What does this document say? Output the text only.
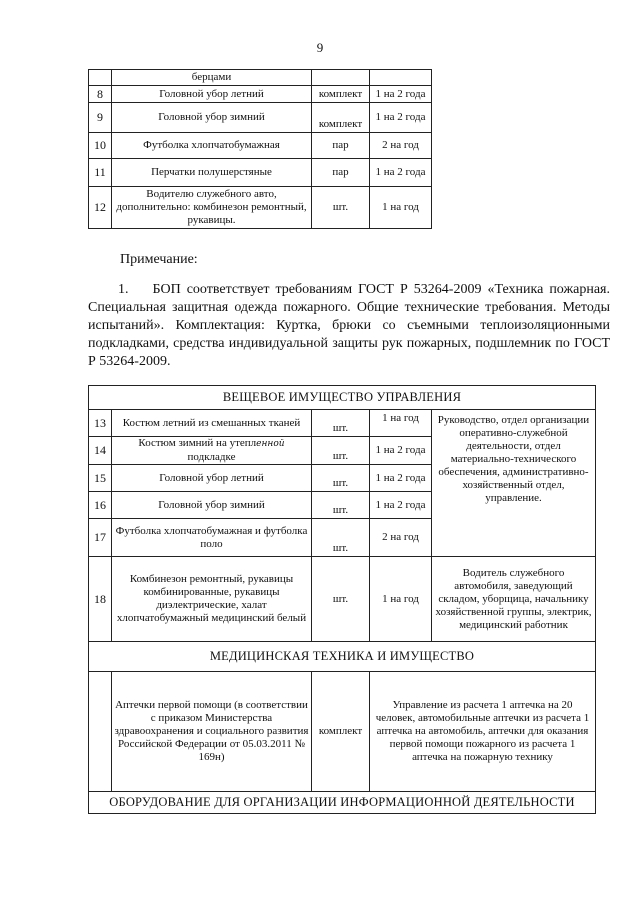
9
	берцами		
8	Головной убор летний	комплект	1 на 2 года
9	Головной убор зимний	комплект	1 на 2 года
10	Футболка хлопчатобумажная	пар	2 на год
11	Перчатки полушерстяные	пар	1 на 2 года
12	Водителю служебного авто, дополнительно: комбинезон ремонтный, рукавицы.	шт.	1 на год
Примечание:
1.    БОП соответствует требованиям ГОСТ Р 53264-2009 «Техника пожарная. Специальная защитная одежда пожарного. Общие технические требования. Методы испытаний». Комплектация: Куртка, брюки со съемными теплоизоляционными подкладками, средства индивидуальной защиты рук пожарных, подшлемник по ГОСТ Р 53264-2009.
ВЕЩЕВОЕ ИМУЩЕСТВО УПРАВЛЕНИЯ				
13	Костюм летний из смешанных тканей	шт.	1 на год	Руководство, отдел организации оперативно-служебной деятельности, отдел материально-технического обеспечения, административно-хозяйственный отдел, управление.
14	Костюм зимний на утепленной
подкладке	шт.	1 на 2 года	
15	Головной убор летний	шт.	1 на 2 года	
16	Головной убор зимний	шт.	1 на 2 года	
17	Футболка хлопчатобумажная и футболка поло	шт.	2 на год	
18	Комбинезон ремонтный, рукавицы комбинированные, рукавицы диэлектрические, халат хлопчатобумажный медицинский белый	шт.	1 на год	Водитель служебного автомобиля, заведующий складом, уборщица, начальнику хозяйственной группы, электрик, медицинский работник
МЕДИЦИНСКАЯ ТЕХНИКА И ИМУЩЕСТВО				
	Аптечки первой помощи (в соответствии с приказом Министерства здравоохранения и социального развития Российской Федерации от 05.03.2011 № 169н)	комплект	Управление из расчета 1 аптечка на 20 человек, автомобильные аптечки из расчета 1 аптечка на автомобиль, аптечки для оказания первой помощи пожарного из расчета 1 аптечка на пожарную технику	
ОБОРУДОВАНИЕ ДЛЯ ОРГАНИЗАЦИИ ИНФОРМАЦИОННОЙ ДЕЯТЕЛЬНОСТИ				
